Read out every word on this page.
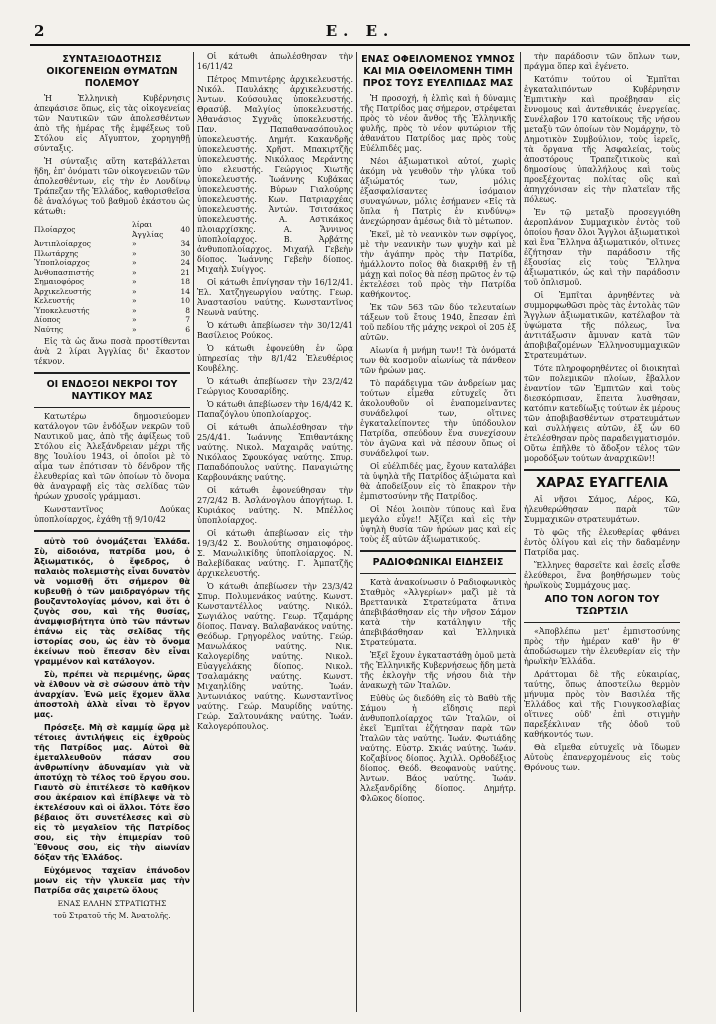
2	Ε. Ε.
ΣΥΝΤΑΞΙΟΔΟΤΗΣΙΣ ΟΙΚΟΓΕΝΕΙΩΝ ΘΥΜΑΤΩΝ ΠΟΛΕΜΟΥ

Ἡ Ἑλληνικὴ Κυβέρνησις ἀπεφάσισε ὅπως, εἰς τὰς οἰκογενείας τῶν Ναυτικῶν τῶν ἀπολεσθέντων ἀπὸ τῆς ἡμέρας τῆς ἐμφέξεως τοῦ Στόλου εἰς Αἴγυπτον, χορηγηθῇ σύνταξις.

Ἡ σύνταξις αὕτη κατεβάλλεται ἤδη, ἐπ' ὀνόματι τῶν οἰκογενειῶν τῶν ἀπολεσθέντων, εἰς τὴν ἐν Λονδίνῳ Τράπεζαν τῆς Ἑλλάδος, καθορισθεῖσα δὲ ἀναλόγως τοῦ βαθμοῦ ἑκάστου ὡς κάτωθι:

Πλοίαρχος	λίραι Ἀγγλίας	40
Ἀντιπλοίαρχος	»	34
Πλωτάρχης	»	30
Ὑποπλοίαρχος	»	24
Ἀνθυπασπιστής	»	21
Σημαιοφόρος	»	18
Ἀρχικελευστής	»	14
Κελευστής	»	10
Ὑποκελευστής	»	8
Δίοπος	»	7
Ναύτης	»	6

Εἰς τὰ ὡς ἄνω ποσὰ προστίθενται ἀνὰ 2 λίραι Ἀγγλίας δι' ἕκαστον τέκνον.

ΟΙ ΕΝΔΟΞΟΙ ΝΕΚΡΟΙ ΤΟΥ ΝΑΥΤΙΚΟΥ ΜΑΣ

Κατωτέρω δημοσιεύομεν κατάλογον τῶν ἐνδόξων νεκρῶν τοῦ Ναυτικοῦ μας, ἀπὸ τῆς ἀφίξεως τοῦ Στόλου εἰς Ἀλεξάνδρειαν μέχρι τῆς 8ης Ἰουλίου 1943, οἱ ὁποῖοι μὲ τὸ αἷμα των ἐπότισαν τὸ δένδρον τῆς ἐλευθερίας καὶ τῶν ὁποίων τὸ ὄνομα θὰ ἀναγραφῇ εἰς τὰς σελίδας τῶν ἡρώων χρυσοῖς γράμμασι.

Κωνσταντῖνος Δούκας ὑποπλοίαρχος, ἐχάθη τῇ 9/10/42

αὐτὸ τοῦ ὀνομάζεται Ἑλλάδα. Σὺ, αἰδοιόνα, πατρίδα μου, ὁ Ἀξιωματικός, ὁ ἔφεδρος, ὁ παλαιὸς πολεμιστὴς εἶναι δυνατὸν νὰ νομισθῇ ὅτι σήμερον θὰ κυβευθῇ ὁ τῶν μαιδραγόρων τῆς βουζαντολογίας μόνον, καὶ ὅτι ὁ ζυγὸς σου, καὶ τῆς θυσίας, ἀναμφισβήτητα ὑπὸ τῶν πάντων ἐπάνω εἰς τὰς σελίδας τῆς ἱστορίας σου, ὡς ἐὰν τὸ ὄνομα ἐκείνων ποὺ ἔπεσαν δὲν εἶναι γραμμένον καὶ κατάλογον.

Σὺ, πρέπει νὰ περιμένῃς, ὥρας νὰ ἐλθουν νὰ σὲ σώσουν ἀπὸ τὴν ἀναρχίαν. Ἐνῶ μεῖς ἔχομεν ἄλλα ἀποστολὴ ἀλλὰ εἶναι τὸ ἔργον μας.

Πρόσεξε. Μὴ σὲ καμμίᾳ ὥρᾳ μὲ τέτοιες ἀντιλήψεις εἰς ἐχθροὺς τῆς Πατρίδος μας. Αὐτοὶ θὰ ἐμεταλλευθοῦν πάσαν σου ἀνθρωπίνην ἀδυναμίαν γιὰ νὰ ἀποτύχῃ τὸ τέλος τοῦ ἔργου σου. Γιαυτὸ σὺ ἐπιτέλεσε τὸ καθῆκον σου ἀκέραιον καὶ ἐπίβλεψε νὰ τὸ ἐκτελέσουν καὶ οἱ ἄλλοι. Τότε ἔσο βέβαιος ὅτι συνετέλεσες καὶ σὺ εἰς τὸ μεγαλεῖον τῆς Πατρίδος σου, εἰς τὴν ἐπιμερίαν τοῦ Ἔθνους σου, εἰς τὴν αἰωνίαν δόξαν τῆς Ἑλλάδος.

Εὐχόμενος ταχεῖαν ἐπάνοδον μοων εἰς τὴν γλυκεῖα μας τὴν Πατρίδα σᾶς χαιρετῶ ὅλους

ΕΝΑΣ ΕΛΛΗΝ ΣΤΡΑΤΙΩΤΗΣ
τοῦ Στρατοῦ τῆς Μ. Ἀνατολῆς.

Οἱ κάτωθι ἀπωλέσθησαν τὴν 16/11/42

Πέτρος Μπιντέρης ἀρχικελευστής. Νικόλ. Παυλάκης ἀρχικελευστής. Ἀντων. Κούσουλας ὑποκελευστής. Θρασύβ. Μαλγίος ὑποκελευστής. Ἀθανάσιος Σγχνᾶς ὑποκελευστής. Παν. Παπαθανασόπουλος ὑποκελευστής. Δημήτ. Κακανδρῆς ὑποκελευστής. Χρῆστ. Μπακιρτζῆς ὑποκελευστής. Νικόλαος Μεράντης ὑπο ελευστής. Γεώργιος Χιωτῆς ὑποκελευστής. Ἰωάννης Κυβάκας ὑποκελευστής. Βύρων Γιαλούρης ὑποκελευστής. Κων. Πατριαρχέας ὑποκελευστής. Ἀντών. Τσιτσάκος ὑποκελευστής. Α. Αστικάκος πλοιαρχίσκης. Α. Ἄννινος ὑποπλοίαρχος. Β. Ἀρβάτης ἀνθυποπλοίαρχος. Μιχαήλ Γεβεὴν δίοπος. Ἰωάννης Γεβεὴν δίοπος. Μιχαὴλ Συίγγος.

Οἱ κάτωθι ἐπνίγησαν τὴν 16/12/41. Ἐλ. Χατζηγεωργίου ναύτης. Γεωρ. Ἀναστασίου ναύτης. Κωνσταντῖνος Νεωνὰ ναύτης.

Ὁ κάτωθι ἀπεβίωσεν τὴν 30/12/41 Βασίλειος Ρούκος.

Ὁ κάτωθι ἐφονεύθη ἐν ὥρᾳ ὑπηρεσίας τὴν 8/1/42 Ἐλευθέριος Κουβέλης.

Ὁ κάτωθι ἀπεβίωσεν τὴν 23/2/42 Γεώργιος Κουσαρίδης.

Ὁ κάτωθι ἀπεβίωσεν τὴν 16/4/42 Κ. Παπαζόγλου ὑποπλοίαρχος.

Οἱ κάτωθι ἀπωλέσθησαν τὴν 25/4/41. Ἰωάννης Ἐπιθαντάκης ναύτης. Νικολ. Μαχαιρᾶς ναύτης. Νικόλαος Σφουκόγας ναύτης. Σπυρ. Παπαδόπουλος ναύτης. Παναγιώτης Καρβουνάκης ναύτης.

Οἱ κάτωθι ἐφονεύθησαν τὴν 27/2/42 Β. Ἀσλάνογλου ἀπογήτωρ. Ι. Κυριάκος ναύτης. Ν. Μπέλλος ὑποπλοίαρχος.

Οἱ κάτωθι ἀπεβίωσαν εἰς τὴν 19/3/42 Σ. Βουλούτης σημαιοφόρος. Σ. Μανωλικίδης ὑποπλοίαρχος. Ν. Βαλεβίδακας ναύτης. Γ. Ἀμπατζῆς ἀρχικελευστής.

Ὁ κάτωθι ἀπεβίωσεν τὴν 23/3/42 Σπυρ. Πολυμενάκος ναύτης. Κωνστ. Κωνσταντέλλος ναύτης. Νικόλ. Σωγιάλος ναύτης. Γεωρ. Τζαμάρης δίοπος. Παναγ. Βαλαβανάκος ναύτης. Θεόδωρ. Γρηγορέλος ναύτης. Γεώρ. Μανωλάκος ναύτης. Νικ. Καλογερίδης ναύτης. Νικολ. Εὐαγγελάκης δίοπος. Νικολ. Τσαλαμάκης ναύτης. Κωνστ. Μιχαηλίδης ναύτης. Ἰωάν. Ἀντωνιάκος ναύτης. Κωνσταντῖνος ναύτης. Γεώρ. Μαυρίδης ναύτης. Γεώρ. Σαλτουνάκης ναύτης. Ἰωάν. Καλογερόπουλος.

ΕΝΑΣ ΟΦΕΙΛΟΜΕΝΟΣ ΥΜΝΟΣ ΚΑΙ ΜΙΑ ΟΦΕΙΛΟΜΕΝΗ ΤΙΜΗ ΠΡΟΣ ΤΟΥΣ ΕΥΕΛΠΙΔΑΣ ΜΑΣ

Ἡ προσοχή, ἡ ἐλπὶς καὶ ἡ δύναμις τῆς Πατρίδος μας σήμερον, στρέφεται πρὸς τὸ νέον ἄνθος τῆς Ἑλληνικῆς φυλῆς, πρὸς τὸ νέον φυτώριον τῆς ἀθανάτου Πατρίδος μας πρὸς τοὺς Εὐέλπιδές μας.

Νέοι ἀξιωματικοὶ αὐτοί, χωρὶς ἀκόμη νὰ γευθοῦν τὴν γλύκα τοῦ ἀξιώματός των, μόλις ἐξασφαλίσαντες ἰσόμαιον συναγώνων, μόλις ἐσήμανεν «Εἰς τὰ ὅπλα ἡ Πατρὶς ἐν κινδύνῳ» ἀνεχώρησαν ἀμέσως διὰ τὸ μέτωπον.

Ἐκεῖ, μὲ τὸ νεανικὸν των σφρίγος, μὲ τὴν νεανικὴν των ψυχὴν καὶ μὲ τὴν ἀγάπην πρὸς τὴν Πατρίδα, ἠμάλλοντο ποῖος θὰ διακριθῇ ἐν τῇ μάχῃ καὶ ποῖος θὰ πέσῃ πρῶτος ἐν τῷ ἐκτελέσει τοῦ πρὸς τὴν Πατρίδα καθήκοντος.

Ἐκ τῶν 563 τῶν δύο τελευταίων τάξεων τοῦ ἔτους 1940, ἔπεσαν ἐπὶ τοῦ πεδίου τῆς μάχης νεκροὶ οἱ 205 ἐξ αὐτῶν.

Αἰωνία ἡ μνήμη των!! Τὰ ὀνόματά των θὰ κοσμοῦν αἰωνίως τὰ πάνθεον τῶν ἡρώων μας.

Τὸ παράδειγμα τῶν ἀνδρείων μας τούτων εἶμεθα εὐτυχεῖς ὅτι ἀκολουθοῦν οἱ ἐναπομείναντες συνάδελφοί των, οἵτινες ἐγκαταλείποντες τὴν ὑπόδουλον Πατρίδα, σπεύδουν ἕνα συνεχίσουν τὸν ἀγῶνα καὶ νὰ πέσουν ὅπως οἱ συνάδελφοί των.

Οἱ εὐέλπιδές μας, ἔχουν καταλάβει τὰ ὑψηλὰ τῆς Πατρίδος ἀξιώματα καὶ θὰ ἀποδείξουν εἰς τὸ ἔπακρον τὴν ἐμπιστοσύνην τῆς Πατρίδος.

Οἱ Νέοι λοιπὸν τύπους καὶ ἕνα μεγάλο εὖγε!! Ἀξίζει καὶ εἰς τὴν ὑψηλὴ θυσία τῶν ἡρώων μας καὶ εἰς τοὺς ἐξ αὐτῶν ἀξιωματικούς.

ΡΑΔΙΟΦΩΝΙΚΑΙ ΕΙΔΗΣΕΙΣ

Κατὰ ἀνακοίνωσιν ὁ Ραδιοφωνικὸς Σταθμὸς «Ἀλγερίων» μαζὶ μὲ τὰ Βρεττανικὰ Στρατεύματα ἄτινα ἀπεβιβάσθησαν εἰς τὴν νῆσον Σάμον κατὰ τὴν κατάληψιν τῆς ἀπεβιβάσθησαν καὶ Ἑλληνικὰ Στρατεύματα.

Ἐξεῖ ἔχουν ἐγκαταστάθῃ ὁμοῦ μετὰ τῆς Ἑλληνικῆς Κυβερνήσεως ἤδη μετὰ τῆς ἐκλογὴν τῆς νήσου διὰ τὴν ἀνακωχὴ τῶν Ἰταλῶν.

Εὐθὺς ὡς διεδόθη εἰς τὸ Βαθὺ τῆς Σάμου ἡ εἴδησις περὶ ἀνθυποπλοίαρχος τῶν Ἰταλῶν, οἱ ἐκεῖ Ἐμπῖται ἐζήτησαν παρὰ τῶν Ἰταλῶν τὰς ναύτης. Ἰωάν. Φωτιάδης ναύτης. Εὐστρ. Σκιάς ναύτης. Ἰωάν. Κοζαβίνος δίοπος. Ἀχιλλ. Ορθοδέξιος δίοπος. Θεόδ. Θεοφανοὺς ναύτης. Ἀντων. Βάος ναύτης. Ἰωάν. Ἀλεξανδρίδης δίοπος. Δημήτρ. Φλῶκος δίοπος.

τὴν παράδοσιν τῶν ὅπλων των, πράγμα ὅπερ καὶ ἐγένετο.

Κατόπιν τούτου οἱ Ἐμπῖται ἐγκαταλιπόντων Κυβέρνησιν Ἐμπιτικὴν καὶ προέβησαν εἰς ἔννομους καὶ ἀντεθνικάς ἐνεργείας. Συνέλαβον 170 κατοίκους τῆς νήσου μεταξὺ τῶν ὁποίων τὸν Νομάρχην, τὸ Δημοτικὸν Συμβούλιον, τοὺς ἰερεῖς, τὰ ὄργανα τῆς Ἀσφαλείας, τοὺς ἀποστόρους Τραπεζιτικοὺς καὶ δημοσίους ὑπαλλήλους καὶ τοὺς προεξέχοντας πολίτας οὓς καὶ ἀπηγχόνισαν εἰς τὴν πλατεῖαν τῆς πόλεως.

Ἐν τῷ μεταξὺ προσεγγιόθη ἀεροπλάνον Συμμαχικὸν ἐντὸς τοῦ ὁποίου ἤσαν ὄλοι Ἄγγλοι ἀξιωματικοὶ καὶ ἕνα Ἕλληνα ἀξιωματικόν, οἵτινες ἐζήτησαν τὴν παράδοσιν τῆς ἐξουσίας εἰς τοὺς Ἕλληνα ἀξιωματικόν, ὡς καὶ τὴν παράδοσιν τοῦ ὁπλισμοῦ.

Οἱ Ἐμπῖται ἀρνηθέντες νὰ συμμορφωθῶσι πρὸς τὰς ἐντολὰς τῶν Ἄγγλων ἀξιωματικῶν, κατέλαβον τὰ ὑψώματα τῆς πόλεως, ἵνα ἀντιτάξωσιν ἄμυναν κατὰ τῶν ἀποβιβαζομένων Ἑλληνοσυμμαχικῶν Στρατευμάτων.

Τότε πληροφορηθέντες οἱ διοικηταὶ τῶν πολεμικῶν πλοίων, ἔβαλλον ἐναντίον τῶν Ἐμπιτῶν καὶ τοὺς διεσκόρπισαν, ἔπειτα λυσθησαν, κατόπιν κατεδίωξις τούτων ἐκ μέρους τῶν ἀποβιβασθέντων στρατευμάτων καὶ συλλήψεις αὐτῶν, ἐξ ὧν 60 ἐτελέσθησαν πρὸς παραδειγματισμόν. Οὕτω ἐπῆλθε τὸ ἄδοξον τέλος τῶν μοροδόξων τούτων ἀναρχικῶν!!

ΧΑΡΑΣ ΕΥΑΓΓΕΛΙΑ

Αἱ νῆσοι Σάμος, Λέρος, Κῶ, ἠλευθερώθησαν παρὰ τῶν Συμμαχικῶν στρατευμάτων.

Τὸ φῶς τῆς ἐλευθερίας φθάνει ἐντὸς ὀλίγου καὶ εἰς τὴν δαδαμένην Πατρίδα μας.

Ἕλληνες θαρσεῖτε καὶ ἐσεῖς εἶσθε ἐλεύθεροι, ἕνα βοηθήσωμεν τοὺς ἡρωϊκοὺς Συμμάχους μας.

ΑΠΟ ΤΟΝ ΛΟΓΟΝ ΤΟΥ ΤΣΩΡΤΣΙΛ

«Ἀποβλέπω μετ' ἐμπιστοσύνης πρὸς τὴν ἡμέραν καθ' ἣν θ' ἀποδώσωμεν τὴν ἐλευθερίαν εἰς τὴν ἡρωϊκὴν Ἑλλάδα.

Δράττομαι δὲ τῆς εὐκαιρίας, ταύτης, ὅπως ἀποστείλω θερμὸν μήνυμα πρὸς τὸν Βασιλέα τῆς Ἑλλάδος καὶ τῆς Γιουγκοσλαβίας οἵτινες οὐδ' ἐπὶ στιγμὴν παρεξέκλιναν τῆς ὁδοῦ τοῦ καθήκοντός των.

Θὰ εἴμεθα εὐτυχεῖς νὰ ἴδωμεν Αὐτοὺς ἐπανερχομένους εἰς τοὺς Θρόνους των.
